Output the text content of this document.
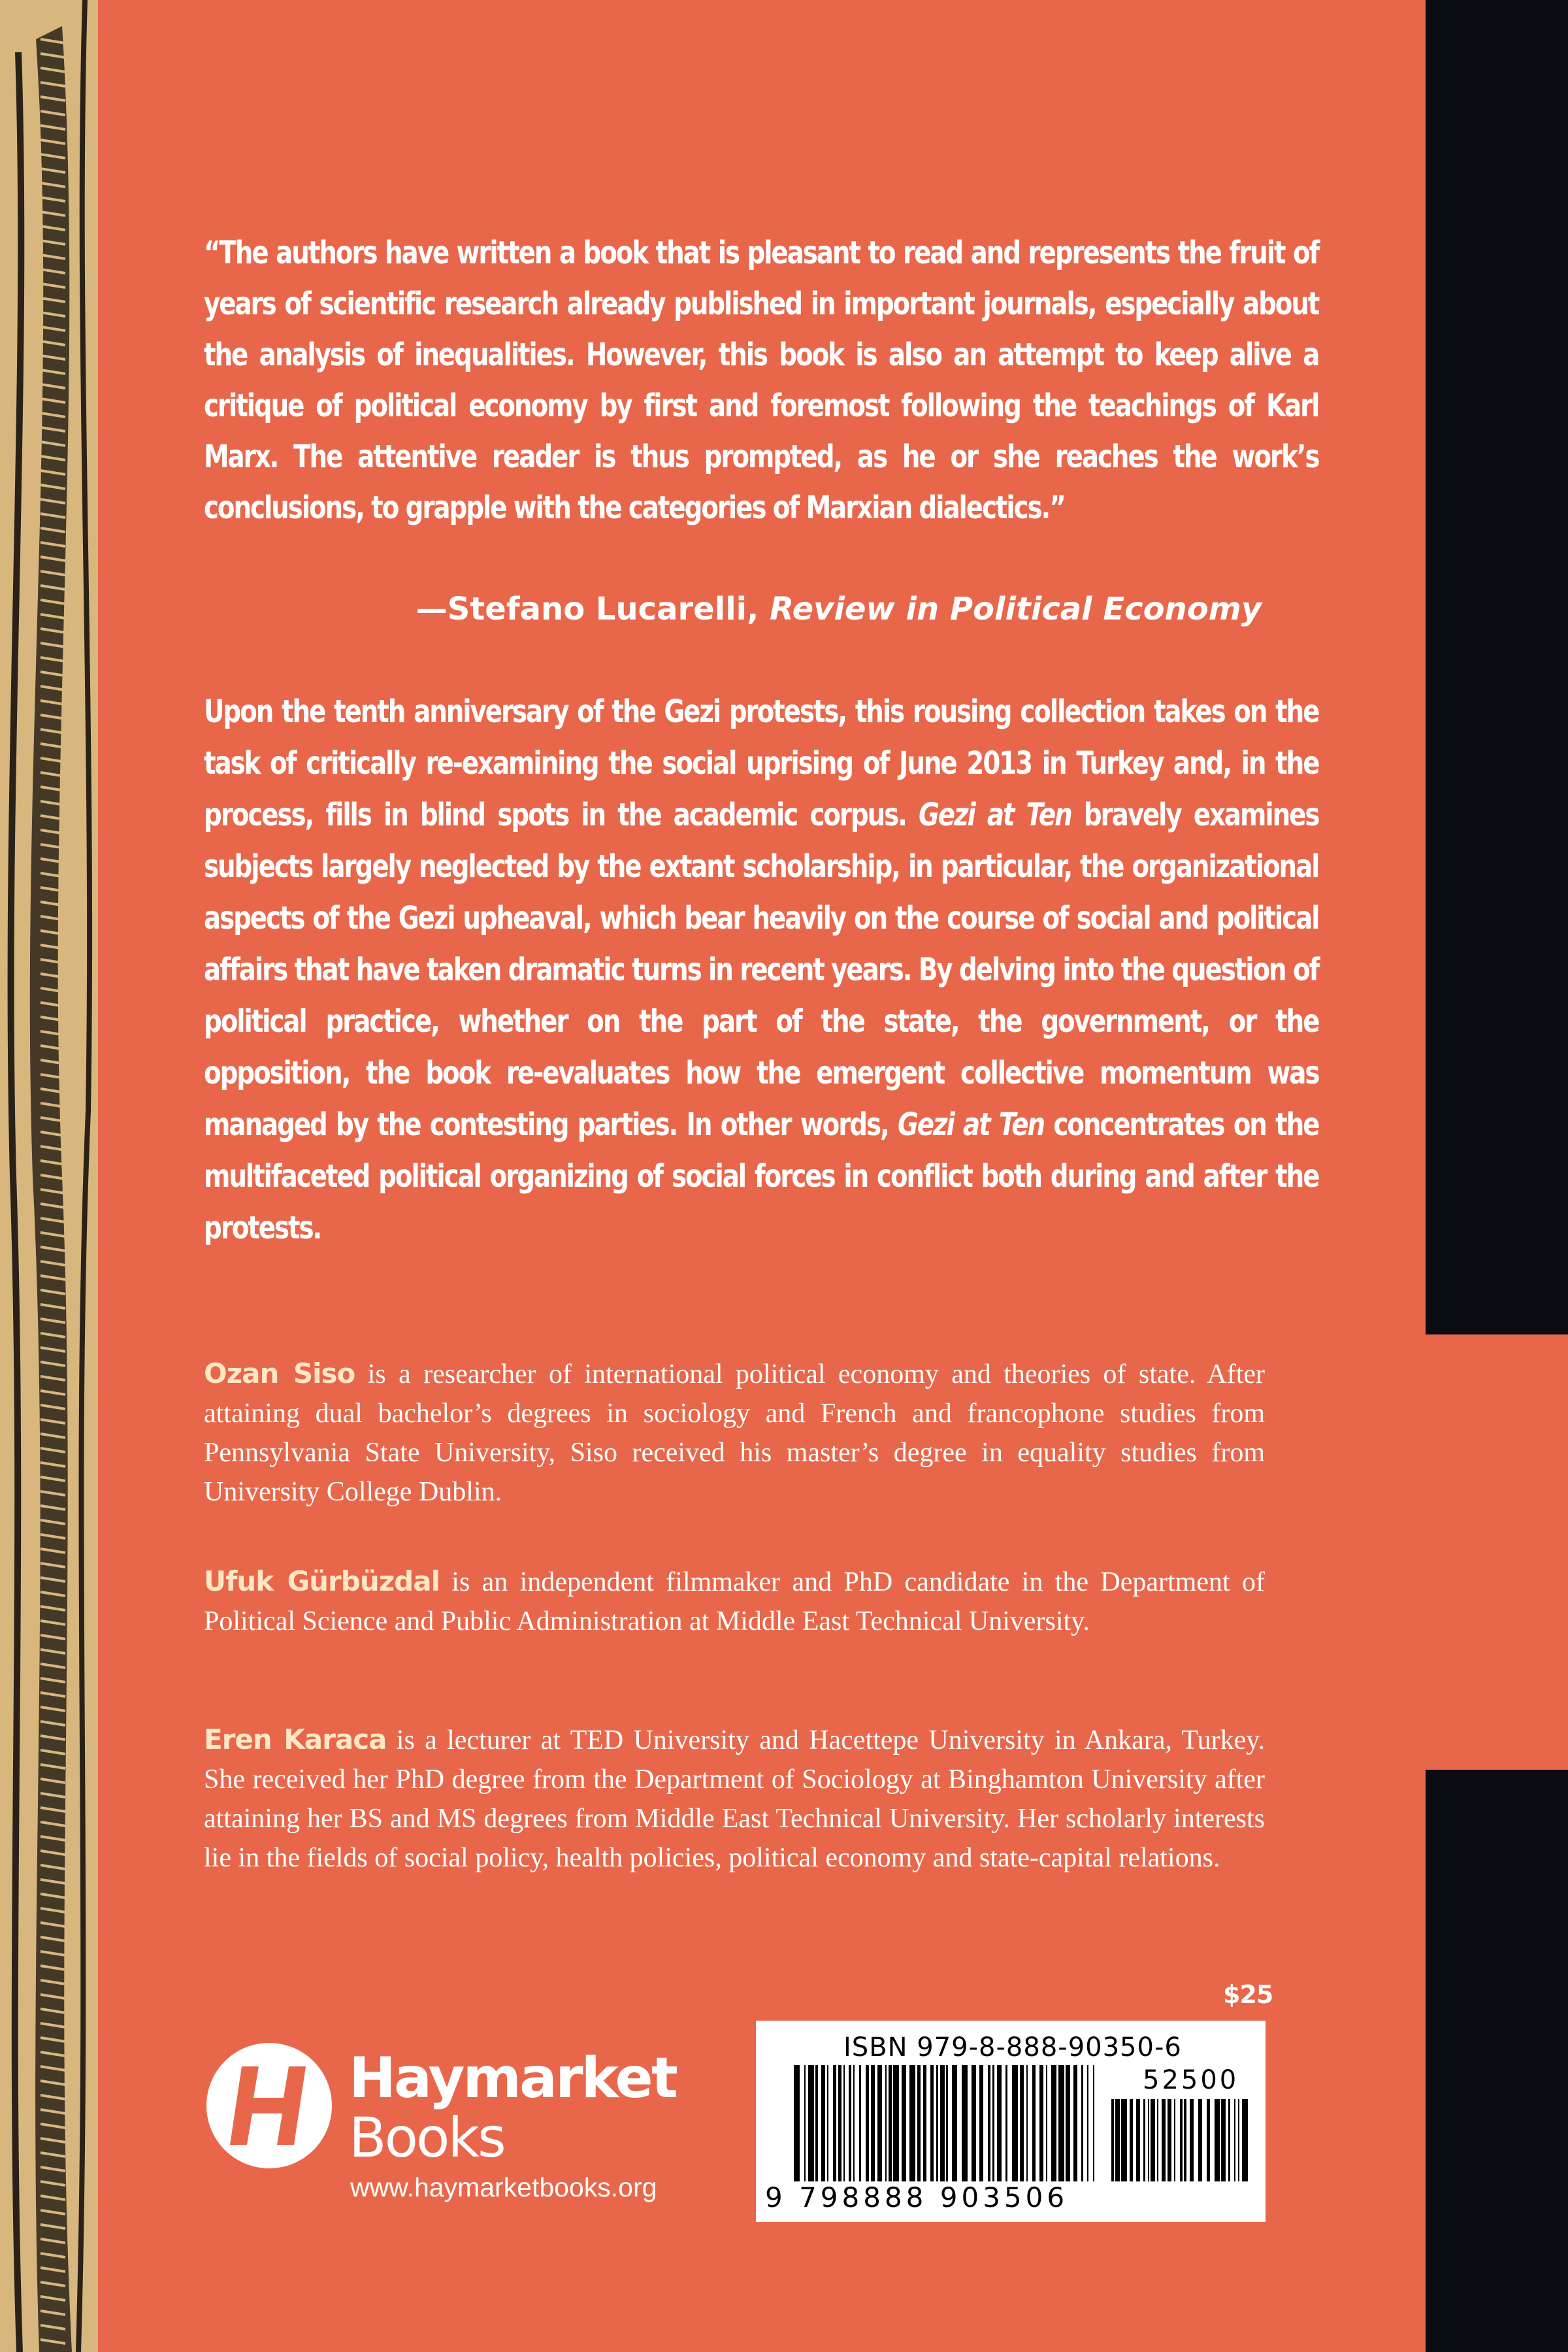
“The authors have written a book that is pleasant to read and represents the fruit of years of scientific research already published in important journals, especially about the analysis of inequalities. However, this book is also an attempt to keep alive a critique of political economy by first and foremost following the teachings of Karl Marx. The attentive reader is thus prompted, as he or she reaches the work’s conclusions, to grapple with the categories of Marxian dialectics.”
—Stefano Lucarelli, Review in Political Economy
Upon the tenth anniversary of the Gezi protests, this rousing collection takes on the task of critically re-examining the social uprising of June 2013 in Turkey and, in the process, fills in blind spots in the academic corpus. Gezi at Ten bravely examines subjects largely neglected by the extant scholarship, in particular, the organizational aspects of the Gezi upheaval, which bear heavily on the course of social and political affairs that have taken dramatic turns in recent years. By delving into the question of political practice, whether on the part of the state, the government, or the opposition, the book re-evaluates how the emergent collective momentum was managed by the contesting parties. In other words, Gezi at Ten concentrates on the multifaceted political organizing of social forces in conflict both during and after the protests.
Ozan Siso is a researcher of international political economy and theories of state. After attaining dual bachelor’s degrees in sociology and French and francophone studies from Pennsylvania State University, Siso received his master’s degree in equality studies from University College Dublin.
Ufuk Gürbüzdal is an independent filmmaker and PhD candidate in the Department of Political Science and Public Administration at Middle East Technical University.
Eren Karaca is a lecturer at TED University and Hacettepe University in Ankara, Turkey. She received her PhD degree from the Department of Sociology at Binghamton University after attaining her BS and MS degrees from Middle East Technical University. Her scholarly interests lie in the fields of social policy, health policies, political economy and state-capital relations.
$25
ISBN 979-8-888-90350-6
52500
9 798888 903506
Haymarket
Books
www.haymarketbooks.org
